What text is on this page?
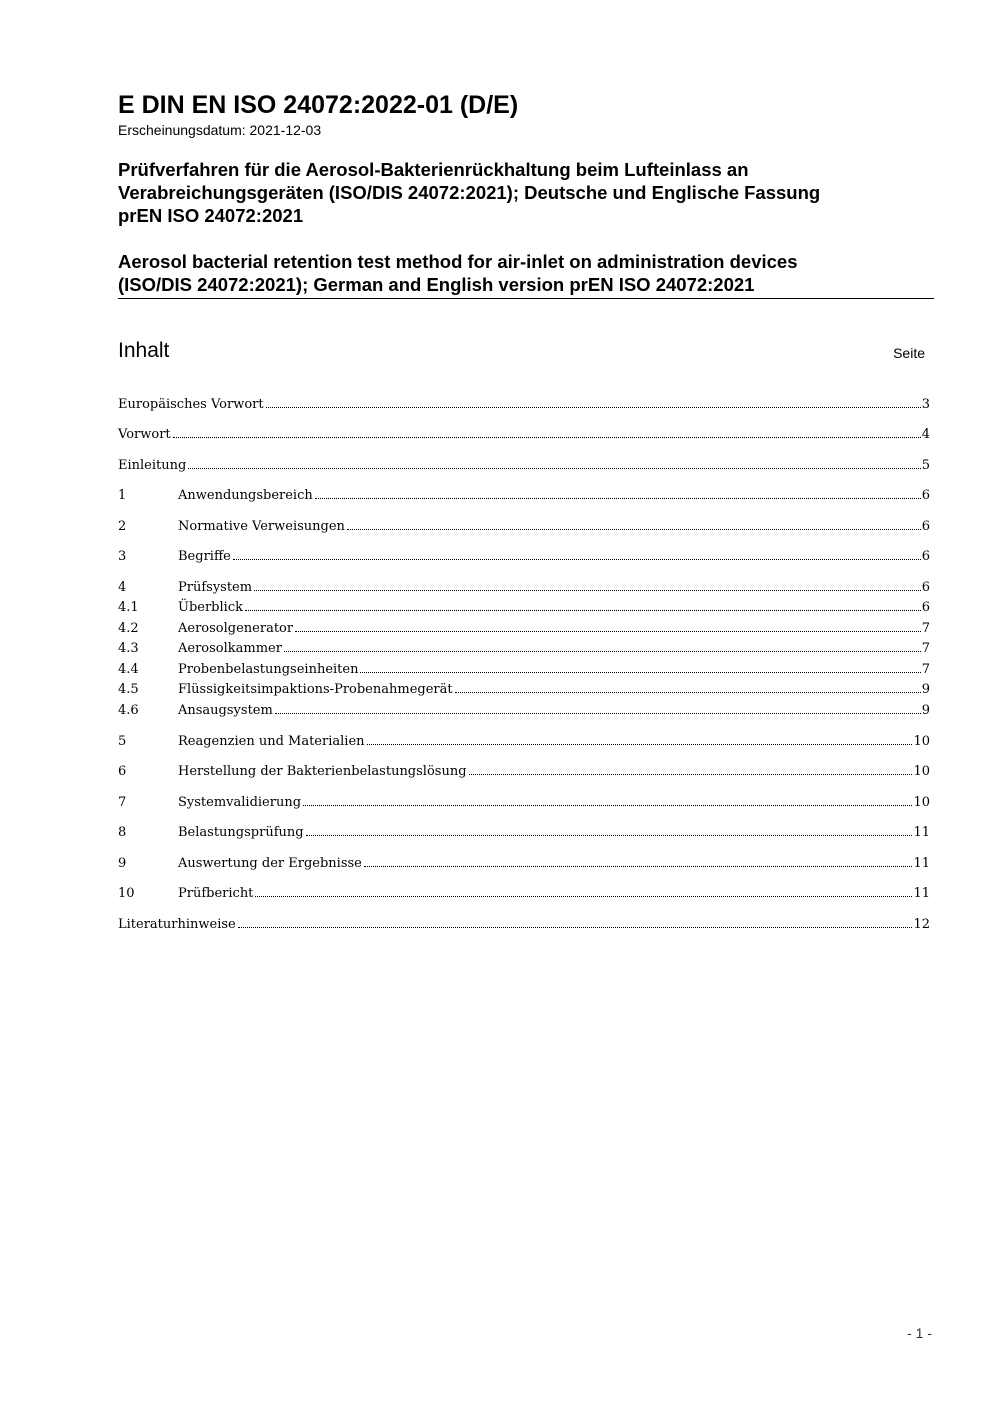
E DIN EN ISO 24072:2022-01 (D/E)
Erscheinungsdatum: 2021-12-03
Prüfverfahren für die Aerosol-Bakterienrückhaltung beim Lufteinlass an
Verabreichungsgeräten (ISO/DIS 24072:2021); Deutsche und Englische Fassung
prEN ISO 24072:2021
Aerosol bacterial retention test method for air-inlet on administration devices
(ISO/DIS 24072:2021); German and English version prEN ISO 24072:2021
Inhalt	Seite
Europäisches Vorwort	3
Vorwort	4
Einleitung	5
1	Anwendungsbereich	6
2	Normative Verweisungen	6
3	Begriffe	6
4	Prüfsystem	6
4.1	Überblick	6
4.2	Aerosolgenerator	7
4.3	Aerosolkammer	7
4.4	Probenbelastungseinheiten	7
4.5	Flüssigkeitsimpaktions-Probenahmegerät	9
4.6	Ansaugsystem	9
5	Reagenzien und Materialien	10
6	Herstellung der Bakterienbelastungslösung	10
7	Systemvalidierung	10
8	Belastungsprüfung	11
9	Auswertung der Ergebnisse	11
10	Prüfbericht	11
Literaturhinweise	12
- 1 -
